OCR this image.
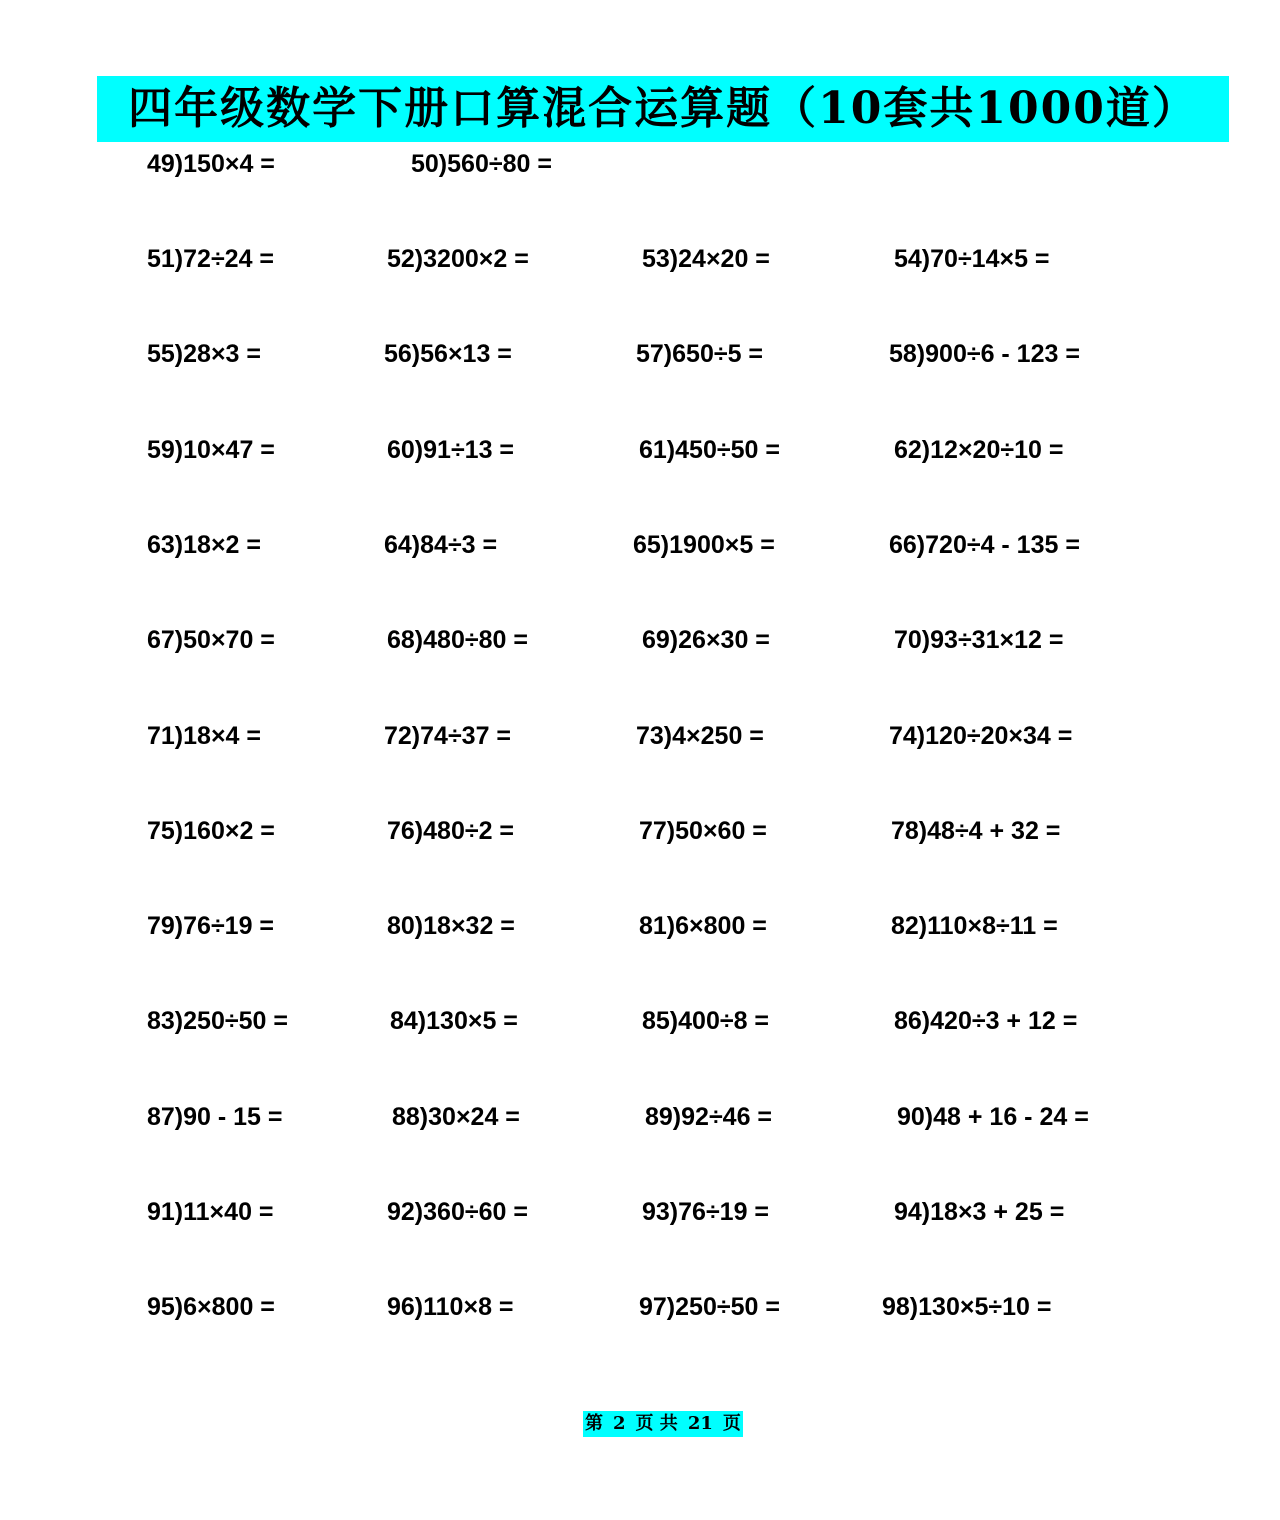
四年级数学下册口算混合运算题（10套共1000道）
49)150×4 =	50)560÷80 =
51)72÷24 =	52)3200×2 =	53)24×20 =	54)70÷14×5 =
55)28×3 =	56)56×13 =	57)650÷5 =	58)900÷6 - 123 =
59)10×47 =	60)91÷13 =	61)450÷50 =	62)12×20÷10 =
63)18×2 =	64)84÷3 =	65)1900×5 =	66)720÷4 - 135 =
67)50×70 =	68)480÷80 =	69)26×30 =	70)93÷31×12 =
71)18×4 =	72)74÷37 =	73)4×250 =	74)120÷20×34 =
75)160×2 =	76)480÷2 =	77)50×60 =	78)48÷4 + 32 =
79)76÷19 =	80)18×32 =	81)6×800 =	82)110×8÷11 =
83)250÷50 =	84)130×5 =	85)400÷8 =	86)420÷3 + 12 =
87)90 - 15 =	88)30×24 =	89)92÷46 =	90)48 + 16 - 24 =
91)11×40 =	92)360÷60 =	93)76÷19 =	94)18×3 + 25 =
95)6×800 =	96)110×8 =	97)250÷50 =	98)130×5÷10 =
第 2 页 共 21 页
